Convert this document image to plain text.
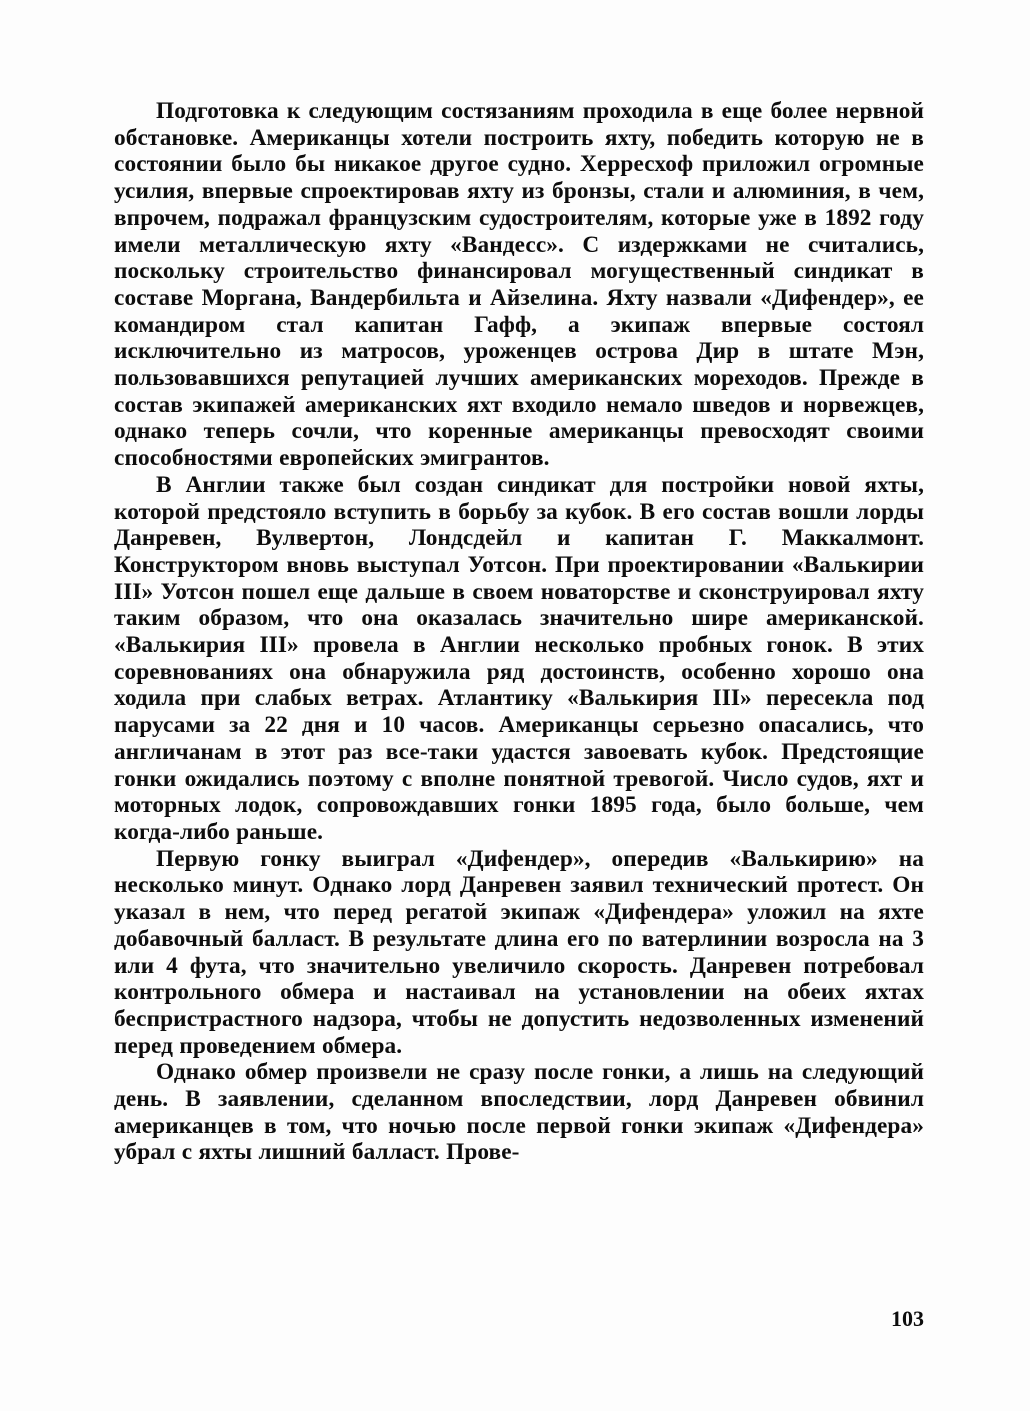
Подготовка к следующим состязаниям проходила в еще более нервной обстановке. Американцы хотели построить яхту, победить которую не в состоянии было бы никакое другое судно. Херресхоф приложил огромные усилия, впервые спроектировав яхту из бронзы, стали и алюминия, в чем, впрочем, подражал французским судостроителям, которые уже в 1892 году имели металлическую яхту «Вандесс». С издержками не считались, поскольку строительство финансировал могущественный синдикат в составе Моргана, Вандербильта и Айзелина. Яхту назвали «Дифендер», ее командиром стал капитан Гафф, а экипаж впервые состоял исключительно из матросов, уроженцев острова Дир в штате Мэн, пользовавшихся репутацией лучших американских мореходов. Прежде в состав экипажей американских яхт входило немало шведов и норвежцев, однако теперь сочли, что коренные американцы превосходят своими способностями европейских эмигрантов.

В Англии также был создан синдикат для постройки новой яхты, которой предстояло вступить в борьбу за кубок. В его состав вошли лорды Данревен, Вулвертон, Лондсдейл и капитан Г. Маккалмонт. Конструктором вновь выступал Уотсон. При проектировании «Валькирии III» Уотсон пошел еще дальше в своем новаторстве и сконструировал яхту таким образом, что она оказалась значительно шире американской. «Валькирия III» провела в Англии несколько пробных гонок. В этих соревнованиях она обнаружила ряд достоинств, особенно хорошо она ходила при слабых ветрах. Атлантику «Валькирия III» пересекла под парусами за 22 дня и 10 часов. Американцы серьезно опасались, что англичанам в этот раз все-таки удастся завоевать кубок. Предстоящие гонки ожидались поэтому с вполне понятной тревогой. Число судов, яхт и моторных лодок, сопровождавших гонки 1895 года, было больше, чем когда-либо раньше.

Первую гонку выиграл «Дифендер», опередив «Валькирию» на несколько минут. Однако лорд Данревен заявил технический протест. Он указал в нем, что перед регатой экипаж «Дифендера» уложил на яхте добавочный балласт. В результате длина его по ватерлинии возросла на 3 или 4 фута, что значительно увеличило скорость. Данревен потребовал контрольного обмера и настаивал на установлении на обеих яхтах беспристрастного надзора, чтобы не допустить недозволенных изменений перед проведением обмера.

Однако обмер произвели не сразу после гонки, а лишь на следующий день. В заявлении, сделанном впоследствии, лорд Данревен обвинил американцев в том, что ночью после первой гонки экипаж «Дифендера» убрал с яхты лишний балласт. Прове-

103
